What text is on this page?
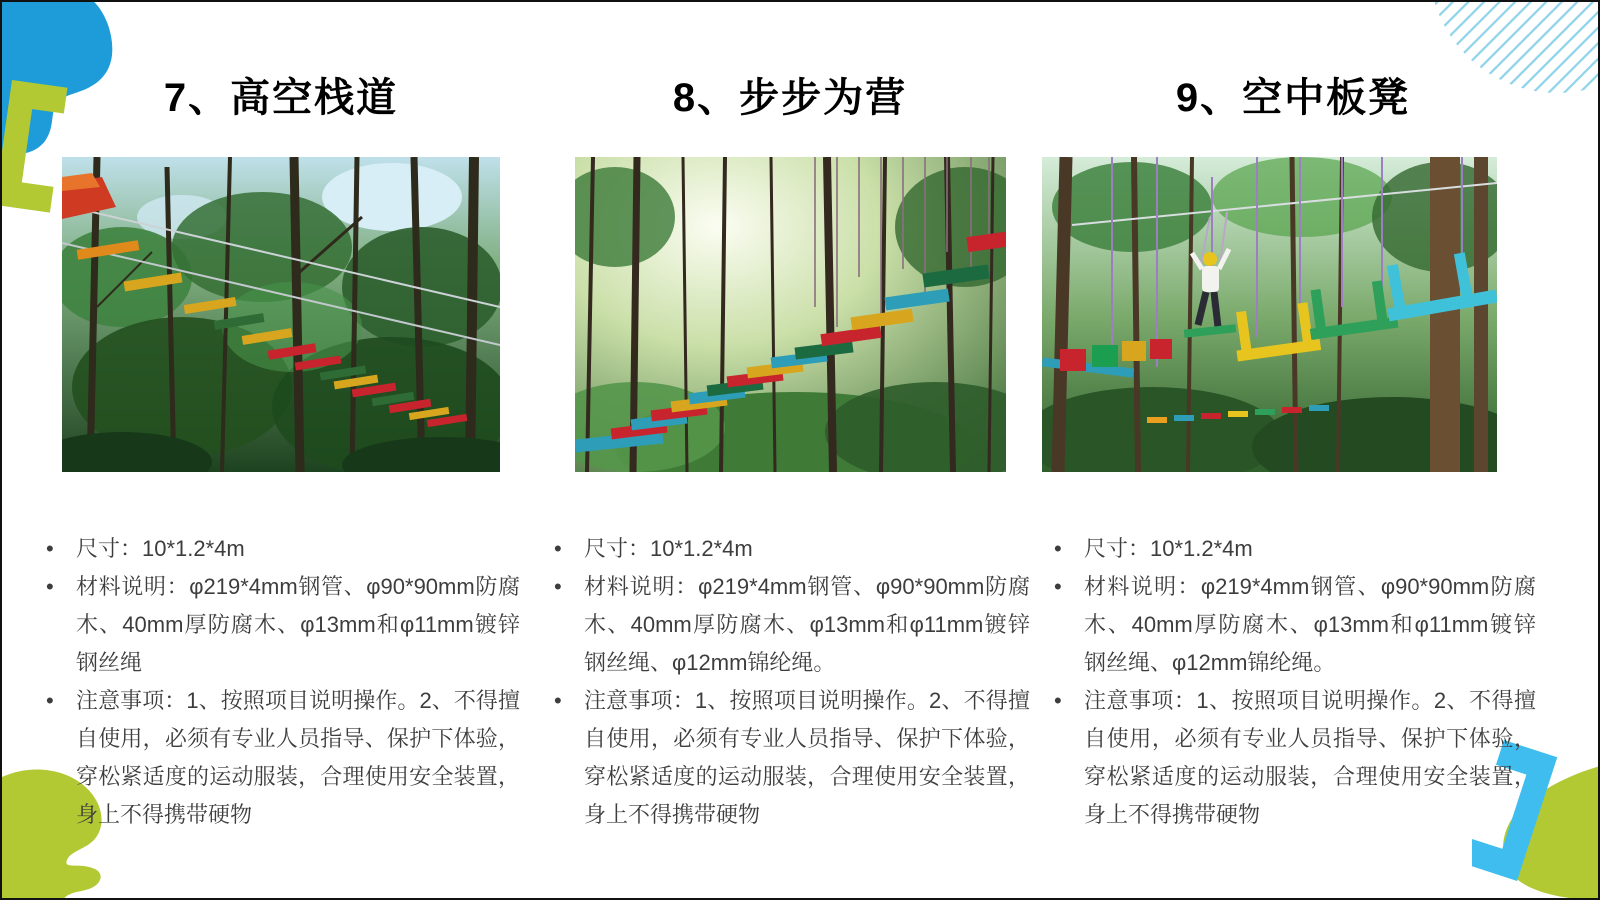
7、高空栈道
• 尺寸：10*1.2*4m
• 材料说明：φ219*4mm钢管、φ90*90mm防腐木、40mm厚防腐木、φ13mm和φ11mm镀锌钢丝绳
• 注意事项：1、按照项目说明操作。2、不得擅自使用，必须有专业人员指导、保护下体验，穿松紧适度的运动服装，合理使用安全装置，身上不得携带硬物
8、步步为营
• 尺寸：10*1.2*4m
• 材料说明：φ219*4mm钢管、φ90*90mm防腐木、40mm厚防腐木、φ13mm和φ11mm镀锌钢丝绳、φ12mm锦纶绳。
• 注意事项：1、按照项目说明操作。2、不得擅自使用，必须有专业人员指导、保护下体验，穿松紧适度的运动服装，合理使用安全装置，身上不得携带硬物
9、空中板凳
• 尺寸：10*1.2*4m
• 材料说明：φ219*4mm钢管、φ90*90mm防腐木、40mm厚防腐木、φ13mm和φ11mm镀锌钢丝绳、φ12mm锦纶绳。
• 注意事项：1、按照项目说明操作。2、不得擅自使用，必须有专业人员指导、保护下体验，穿松紧适度的运动服装，合理使用安全装置，身上不得携带硬物
